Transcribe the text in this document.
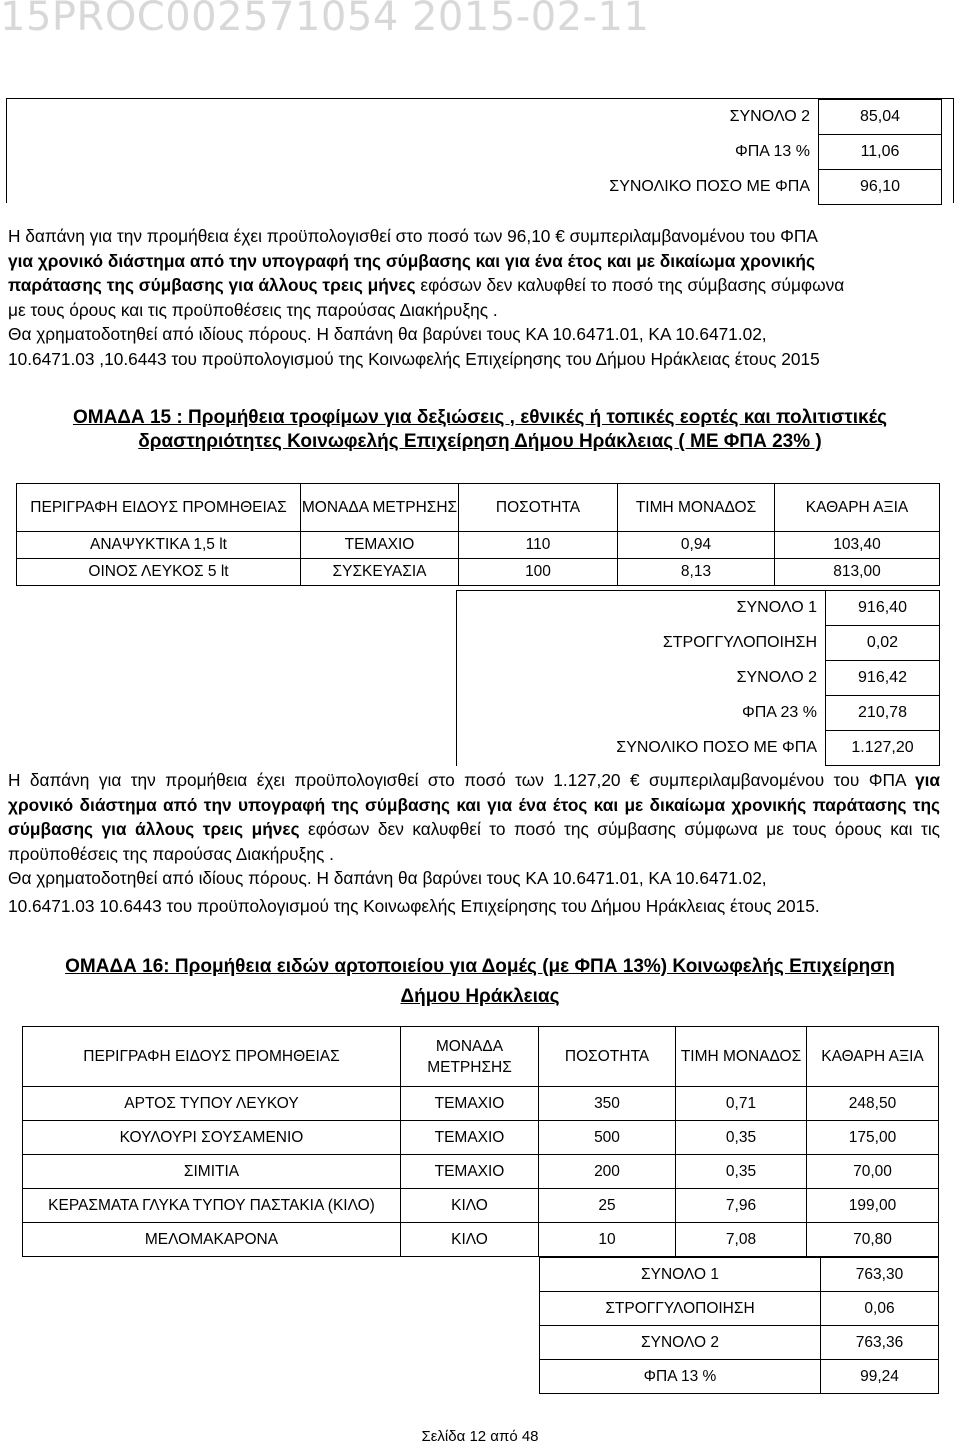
15PROC002571054 2015-02-11
ΣΥΝΟΛΟ 2	85,04
ΦΠΑ 13 %	11,06
ΣΥΝΟΛΙΚΟ ΠΟΣΟ ΜΕ ΦΠΑ	96,10

Η δαπάνη για την προμήθεια έχει προϋπολογισθεί στο ποσό των 96,10 € συμπεριλαμβανομένου του ΦΠΑ

για χρονικό διάστημα από την υπογραφή της σύμβασης και για ένα έτος και με δικαίωμα χρονικής

παράτασης της σύμβασης για άλλους τρεις μήνες εφόσων δεν καλυφθεί το ποσό της σύμβασης σύμφωνα

με τους όρους και τις προϋποθέσεις της παρούσας Διακήρυξης .

Θα χρηματοδοτηθεί από ιδίους πόρους. Η δαπάνη θα βαρύνει τους ΚΑ 10.6471.01, ΚΑ 10.6471.02,

10.6471.03 ,10.6443 του προϋπολογισμού της Κοινωφελής Επιχείρησης του Δήμου Ηράκλειας έτους 2015

ΟΜΑΔΑ 15 : Προμήθεια τροφίμων για δεξιώσεις , εθνικές ή τοπικές εορτές και πολιτιστικές
δραστηριότητες Κοινωφελής Επιχείρηση Δήμου Ηράκλειας ( ΜΕ ΦΠΑ 23% )
ΠΕΡΙΓΡΑΦΗ ΕΙΔΟΥΣ ΠΡΟΜΗΘΕΙΑΣ	ΜΟΝΑΔΑ ΜΕΤΡΗΣΗΣ	ΠΟΣΟΤΗΤΑ	ΤΙΜΗ ΜΟΝΑΔΟΣ	ΚΑΘΑΡΗ ΑΞΙΑ
ΑΝΑΨΥΚΤΙΚΑ 1,5 lt	ΤΕΜΑΧΙΟ	110	0,94	103,40
ΟΙΝΟΣ ΛΕΥΚΟΣ 5 lt	ΣΥΣΚΕΥΑΣΙΑ	100	8,13	813,00
ΣΥΝΟΛΟ 1	916,40
ΣΤΡΟΓΓΥΛΟΠΟΙΗΣΗ	0,02
ΣΥΝΟΛΟ 2	916,42
ΦΠΑ 23 %	210,78
ΣΥΝΟΛΙΚΟ ΠΟΣΟ ΜΕ ΦΠΑ	1.127,20

Η δαπάνη για την προμήθεια έχει προϋπολογισθεί στο ποσό των 1.127,20 € συμπεριλαμβανομένου του ΦΠΑ για χρονικό διάστημα από την υπογραφή της σύμβασης και για ένα έτος και με δικαίωμα χρονικής παράτασης της σύμβασης για άλλους τρεις μήνες εφόσων δεν καλυφθεί το ποσό της σύμβασης σύμφωνα με τους όρους και τις προϋποθέσεις της παρούσας Διακήρυξης .

Θα χρηματοδοτηθεί από ιδίους πόρους. Η δαπάνη θα βαρύνει τους ΚΑ 10.6471.01, ΚΑ 10.6471.02,

10.6471.03 10.6443 του προϋπολογισμού της Κοινωφελής Επιχείρησης του Δήμου Ηράκλειας έτους 2015.

ΟΜΑΔΑ 16: Προμήθεια ειδών αρτοποιείου για Δομές (με ΦΠΑ 13%) Κοινωφελής Επιχείρηση
Δήμου Ηράκλειας
ΠΕΡΙΓΡΑΦΗ ΕΙΔΟΥΣ ΠΡΟΜΗΘΕΙΑΣ	ΜΟΝΑΔΑ ΜΕΤΡΗΣΗΣ	ΠΟΣΟΤΗΤΑ	ΤΙΜΗ ΜΟΝΑΔΟΣ	ΚΑΘΑΡΗ ΑΞΙΑ
ΑΡΤΟΣ ΤΥΠΟΥ ΛΕΥΚΟΥ	ΤΕΜΑΧΙΟ	350	0,71	248,50
ΚΟΥΛΟΥΡΙ ΣΟΥΣΑΜΕΝΙΟ	ΤΕΜΑΧΙΟ	500	0,35	175,00
ΣΙΜΙΤΙΑ	ΤΕΜΑΧΙΟ	200	0,35	70,00
ΚΕΡΑΣΜΑΤΑ ΓΛΥΚΑ ΤΥΠΟΥ ΠΑΣΤΑΚΙΑ (ΚΙΛΟ)	ΚΙΛΟ	25	7,96	199,00
ΜΕΛΟΜΑΚΑΡΟΝΑ	ΚΙΛΟ	10	7,08	70,80
ΣΥΝΟΛΟ 1	763,30
ΣΤΡΟΓΓΥΛΟΠΟΙΗΣΗ	0,06
ΣΥΝΟΛΟ 2	763,36
ΦΠΑ 13 %	99,24
Σελίδα 12 από 48
